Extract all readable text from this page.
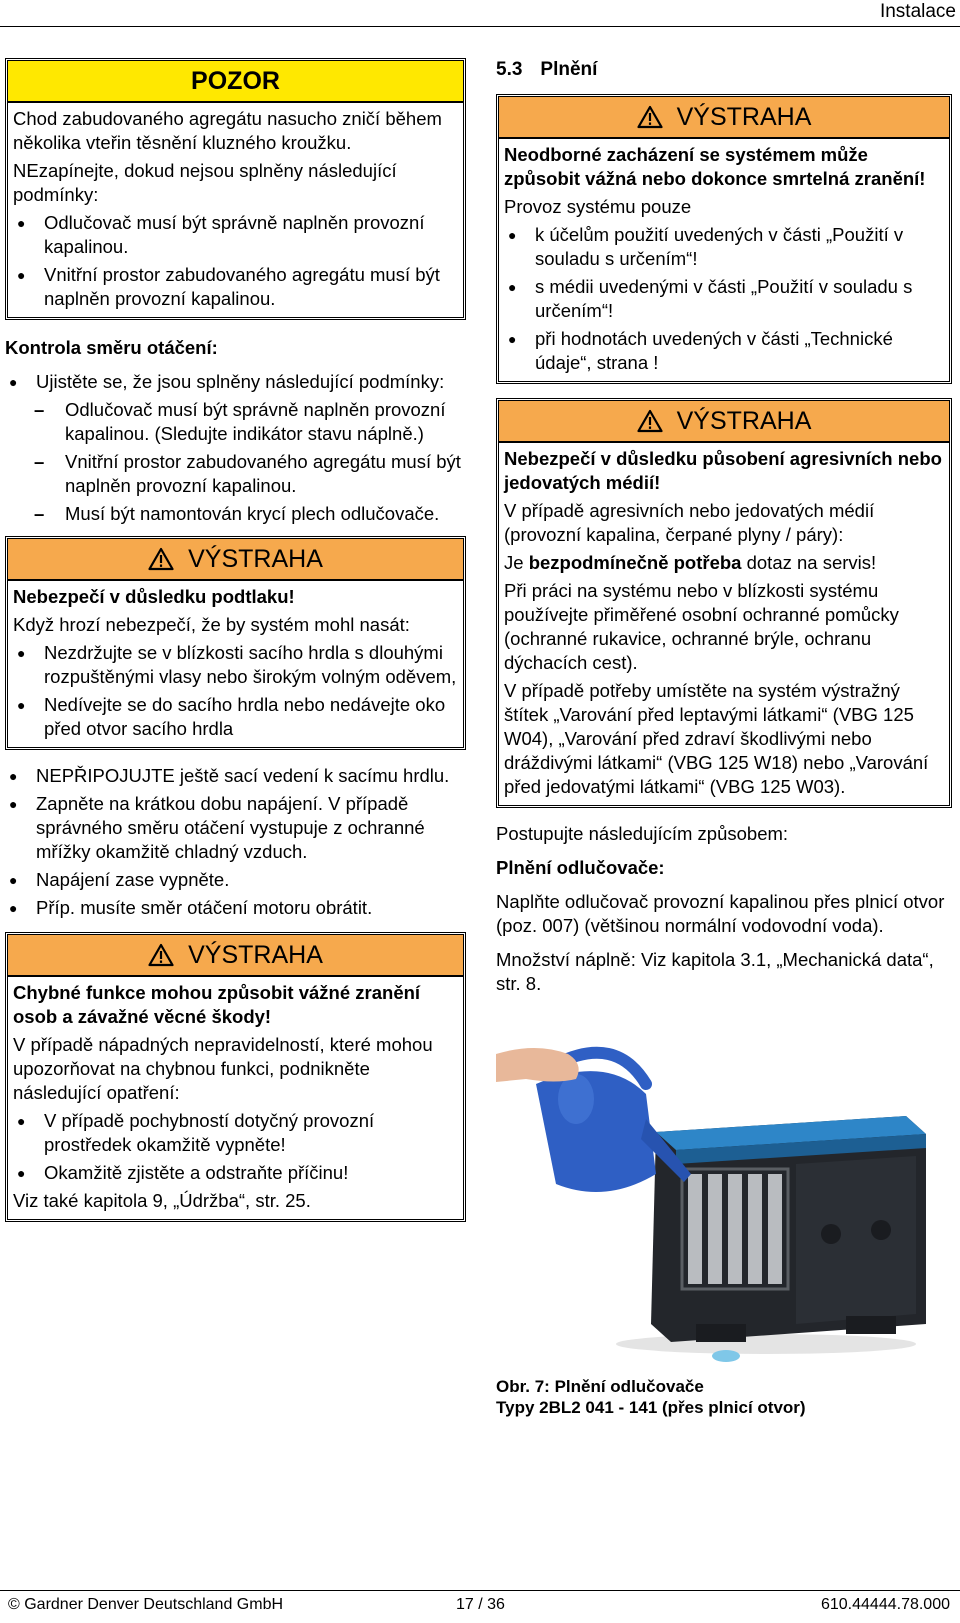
Instalace
POZOR

Chod zabudovaného agregátu nasucho zničí během několika vteřin těsnění kluzného kroužku.

NEzapínejte, dokud nejsou splněny následující podmínky:

● Odlučovač musí být správně naplněn provozní kapalinou.
● Vnitřní prostor zabudovaného agregátu musí být naplněn provozní kapalinou.
Kontrola směru otáčení:
● Ujistěte se, že jsou splněny následující podmínky:
– Odlučovač musí být správně naplněn provozní kapalinou. (Sledujte indikátor stavu náplně.)
– Vnitřní prostor zabudovaného agregátu musí být naplněn provozní kapalinou.
– Musí být namontován krycí plech odlučovače.
VÝSTRAHA

Nebezpečí v důsledku podtlaku!

Když hrozí nebezpečí, že by systém mohl nasát:

● Nezdržujte se v blízkosti sacího hrdla s dlouhými rozpuštěnými vlasy nebo širokým volným oděvem,
● Nedívejte se do sacího hrdla nebo nedávejte oko před otvor sacího hrdla
● NEPŘIPOJUJTE ještě sací vedení k sacímu hrdlu.
● Zapněte na krátkou dobu napájení. V případě správného směru otáčení vystupuje z ochranné mřížky okamžitě chladný vzduch.
● Napájení zase vypněte.
● Příp. musíte směr otáčení motoru obrátit.
VÝSTRAHA

Chybné funkce mohou způsobit vážné zranění osob a závažné věcné škody!

V případě nápadných nepravidelností, které mohou upozorňovat na chybnou funkci, podnikněte následující opatření:

● V případě pochybností dotyčný provozní prostředek okamžitě vypněte!
● Okamžitě zjistěte a odstraňte příčinu!

Viz také kapitola 9, „Údržba“, str. 25.

5.3 Plnění
VÝSTRAHA

Neodborné zacházení se systémem může způsobit vážná nebo dokonce smrtelná zranění!

Provoz systému pouze

● k účelům použití uvedených v části „Použití v souladu s určením“!
● s médii uvedenými v části „Použití v souladu s určením“!
● při hodnotách uvedených v části „Technické údaje“, strana !
VÝSTRAHA

Nebezpečí v důsledku působení agresivních nebo jedovatých médií!

V případě agresivních nebo jedovatých médií (provozní kapalina, čerpané plyny / páry):

Je bezpodmínečně potřeba dotaz na servis!

Při práci na systému nebo v blízkosti systému používejte přiměřené osobní ochranné pomůcky (ochranné rukavice, ochranné brýle, ochranu dýchacích cest).

V případě potřeby umístěte na systém výstražný štítek „Varování před leptavými látkami“ (VBG 125 W04), „Varování před zdraví škodlivými nebo dráždivými látkami“ (VBG 125 W18) nebo „Varování před jedovatými látkami“ (VBG 125 W03).

Postupujte následujícím způsobem:

Plnění odlučovače:

Naplňte odlučovač provozní kapalinou přes plnicí otvor (poz. 007) (většinou normální vodovodní voda).

Množství náplně: Viz kapitola 3.1, „Mechanická data“, str. 8.

Obr. 7: Plnění odlučovače
Typy 2BL2 041 - 141 (přes plnicí otvor)
© Gardner Denver Deutschland GmbH	17 / 36	610.44444.78.000
